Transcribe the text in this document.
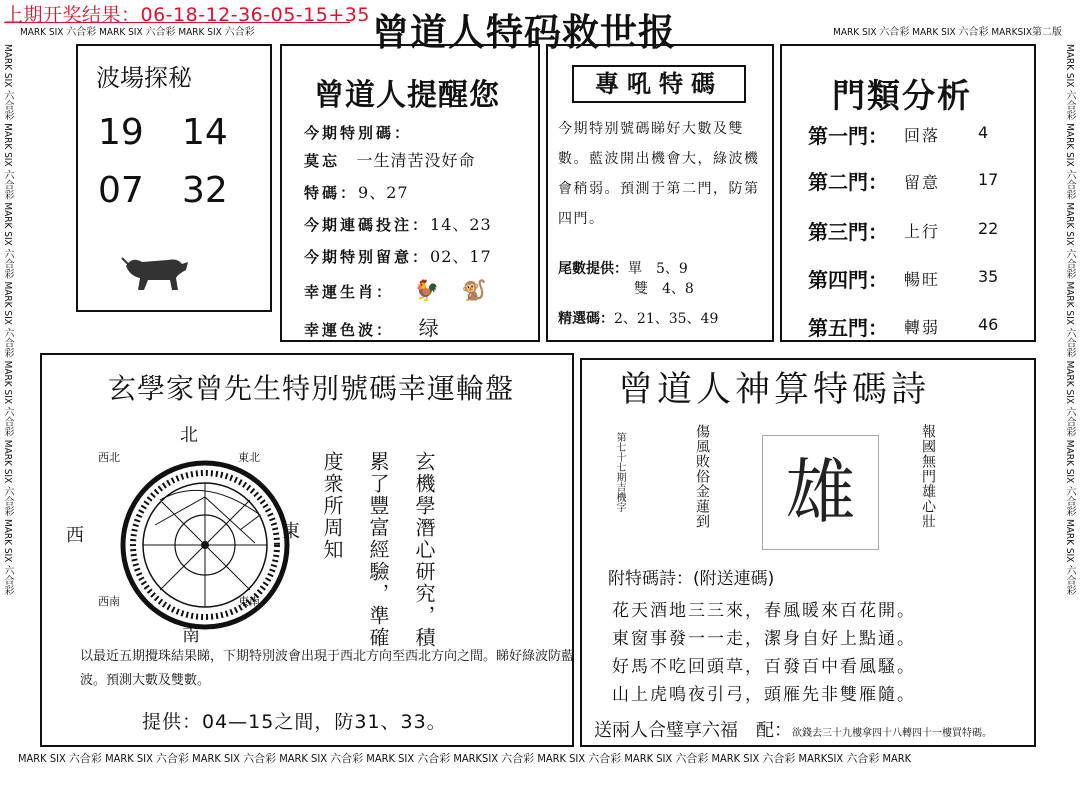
上期开奖结果：06-18-12-36-05-15+35 曾道人特码救世报
MARK SIX 六合彩 MARK SIX 六合彩 MARK SIX 六合彩	MARK SIX 六合彩 MARK SIX 六合彩 MARKSIX第二版
MARK SIX 六合彩 MARK SIX 六合彩 MARK SIX 六合彩 MARK SIX 六合彩 MARK SIX 六合彩 MARKSIX 六合彩 MARK SIX 六合彩 MARK SIX 六合彩 MARK SIX 六合彩 MARKSIX 六合彩 MARK
MARK SIX 六合彩 MARK SIX 六合彩 MARK SIX 六合彩 MARK SIX 六合彩 MARK SIX 六合彩 MARK SIX 六合彩 MARK SIX 六合彩	MARK SIX 六合彩 MARK SIX 六合彩 MARK SIX 六合彩 MARK SIX 六合彩 MARK SIX 六合彩 MARK SIX 六合彩 MARK SIX 六合彩
波場探秘
19 14
07 32
曾道人提醒您
今期特別碼：
莫忘 一生清苦没好命
特碼：9、27
今期連碼投注：14、23
今期特別留意：02、17
幸運生肖： 🐓 🐒
幸運色波： 绿
專吼特碼
今期特别號碼睇好大數及雙數。藍波開出機會大，綠波機會稍弱。預測于第二門，防第四門。
尾數提供：單　5、9
雙　4、8
精選碼：2、21、35、49
門類分析
第一門： 回落 4
第二門： 留意 17
第三門： 上行 22
第四門： 暢旺 35
第五門： 轉弱 46
玄學家曾先生特別號碼幸運輪盤
北
南
西	東
西北	東北
西南	東南
度衆所周知 累了豐富經驗，準確 玄機學潛心研究，積
以最近五期攪珠結果睇，下期特別波會出現于西北方向至西北方向之間。睇好綠波防藍波。預測大數及雙數。
提供：04—15之間，防31、33。
曾道人神算特碼詩
第七十七期吉機字	傷風敗俗金蓮到	雄	報國無門雄心壯
附特碼詩：(附送連碼)
花天酒地三三來，春風暖來百花開。
東窗事發一一走，潔身自好上點通。
好馬不吃回頭草，百發百中看風騷。
山上虎鳴夜引弓，頭雁先非雙雁隨。
送兩人合璧享六福　配：欲錢去三十九樓拿四十八轉四十一樓買特碼。
